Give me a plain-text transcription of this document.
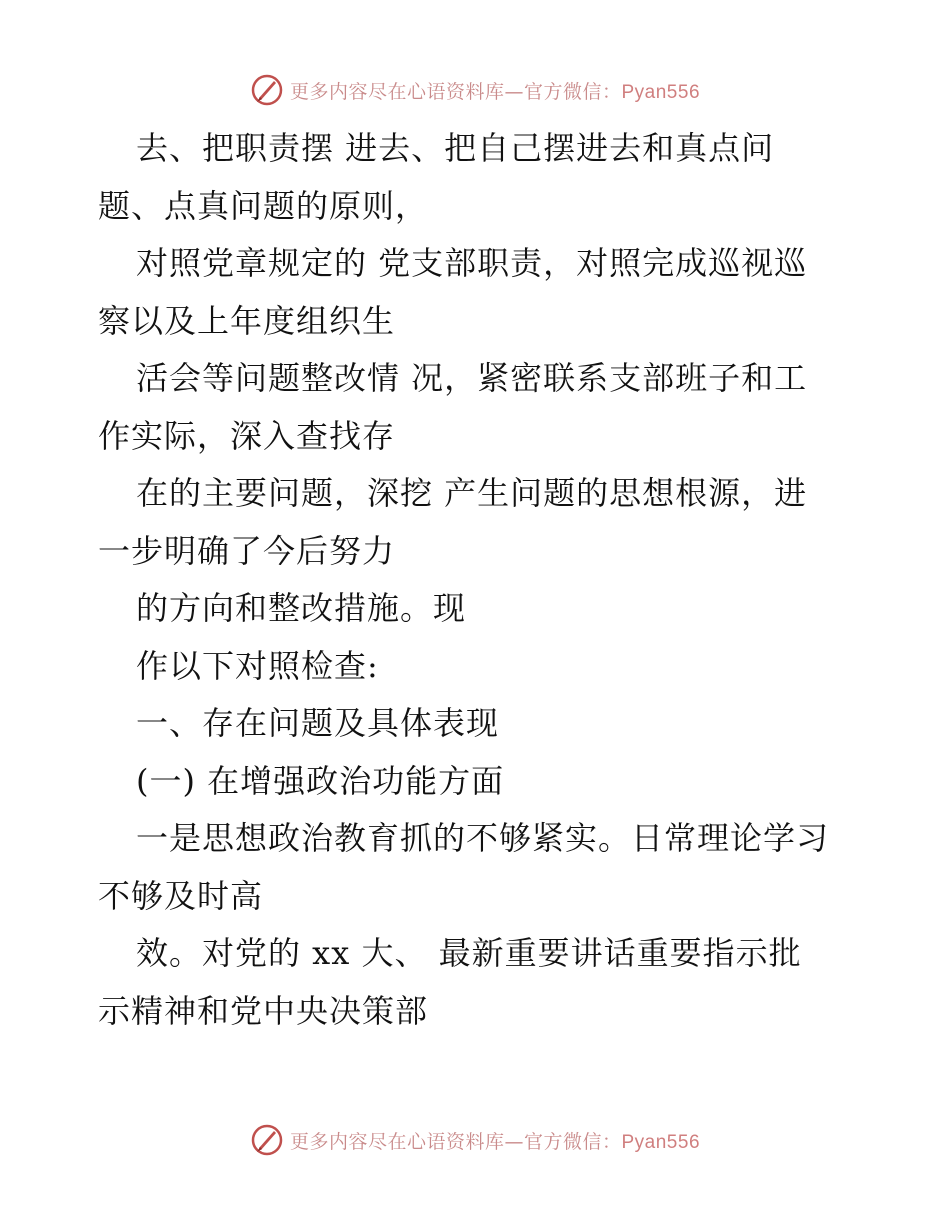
更多内容尽在心语资料库—官方微信：Pyan556
去、把职责摆 进去、把自己摆进去和真点问
题、点真问题的原则，
对照党章规定的 党支部职责，对照完成巡视巡
察以及上年度组织生
活会等问题整改情 况，紧密联系支部班子和工
作实际，深入查找存
在的主要问题，深挖 产生问题的思想根源，进
一步明确了今后努力
的方向和整改措施。现
作以下对照检查:
一、存在问题及具体表现
(一) 在增强政治功能方面
一是思想政治教育抓的不够紧实。日常理论学习
不够及时高
效。对党的 xx 大、 最新重要讲话重要指示批
示精神和党中央决策部
更多内容尽在心语资料库—官方微信：Pyan556
